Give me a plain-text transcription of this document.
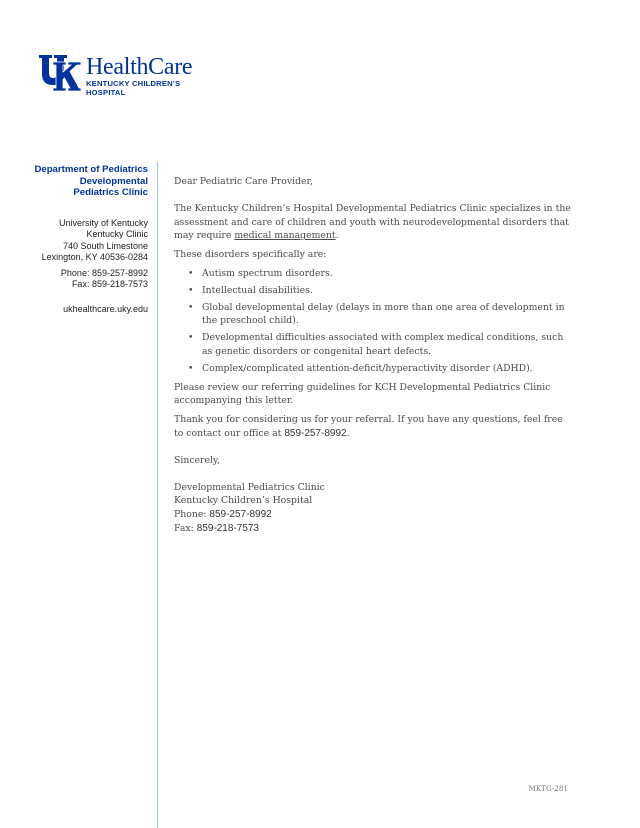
HealthCare
KENTUCKY CHILDREN’S
HOSPITAL
Department of Pediatrics
Developmental
Pediatrics Clinic
University of Kentucky
Kentucky Clinic
740 South Limestone
Lexington, KY 40536-0284
Phone: 859-257-8992
Fax: 859-218-7573
ukhealthcare.uky.edu

Dear Pediatric Care Provider,

The Kentucky Children’s Hospital Developmental Pediatrics Clinic specializes in the assessment and care of children and youth with neurodevelopmental disorders that may require medical management.

These disorders specifically are:

• Autism spectrum disorders.
• Intellectual disabilities.
• Global developmental delay (delays in more than one area of development in the preschool child).
• Developmental difficulties associated with complex medical conditions, such as genetic disorders or congenital heart defects.
• Complex/complicated attention-deficit/hyperactivity disorder (ADHD).

Please review our referring guidelines for KCH Developmental Pediatrics Clinic accompanying this letter.

Thank you for considering us for your referral. If you have any questions, feel free to contact our office at 859-257-8992.

Sincerely,

Developmental Pediatrics Clinic

Kentucky Children’s Hospital

Phone: 859-257-8992

Fax: 859-218-7573

MKTG-281
